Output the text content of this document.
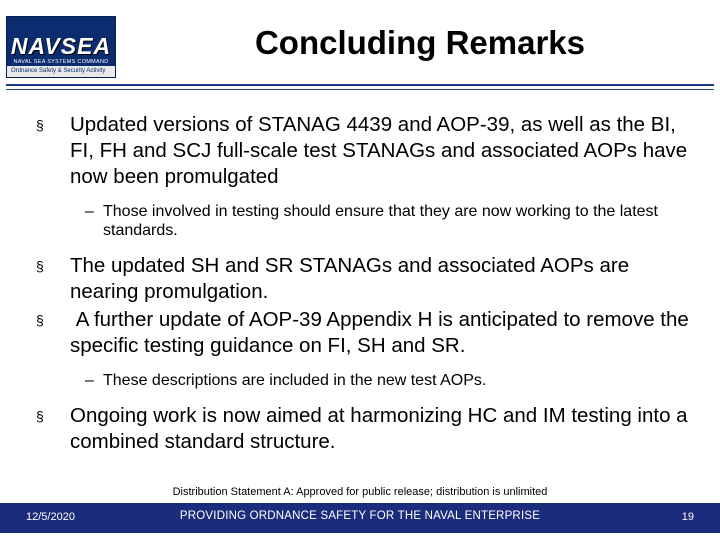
NAVSEA
NAVAL SEA SYSTEMS COMMAND
Ordnance Safety & Security Activity
Concluding Remarks

§ Updated versions of STANAG 4439 and AOP-39, as well as the BI, FI, FH and SCJ full-scale test STANAGs and associated AOPs have now been promulgated

– Those involved in testing should ensure that they are now working to the latest standards.

§ The updated SH and SR STANAGs and associated AOPs are nearing promulgation.

§ A further update of AOP-39 Appendix H is anticipated to remove the specific testing guidance on FI, SH and SR.

– These descriptions are included in the new test AOPs.

§ Ongoing work is now aimed at harmonizing HC and IM testing into a combined standard structure.

Distribution Statement A: Approved for public release; distribution is unlimited
12/5/2020	PROVIDING ORDNANCE SAFETY FOR THE NAVAL ENTERPRISE	19
